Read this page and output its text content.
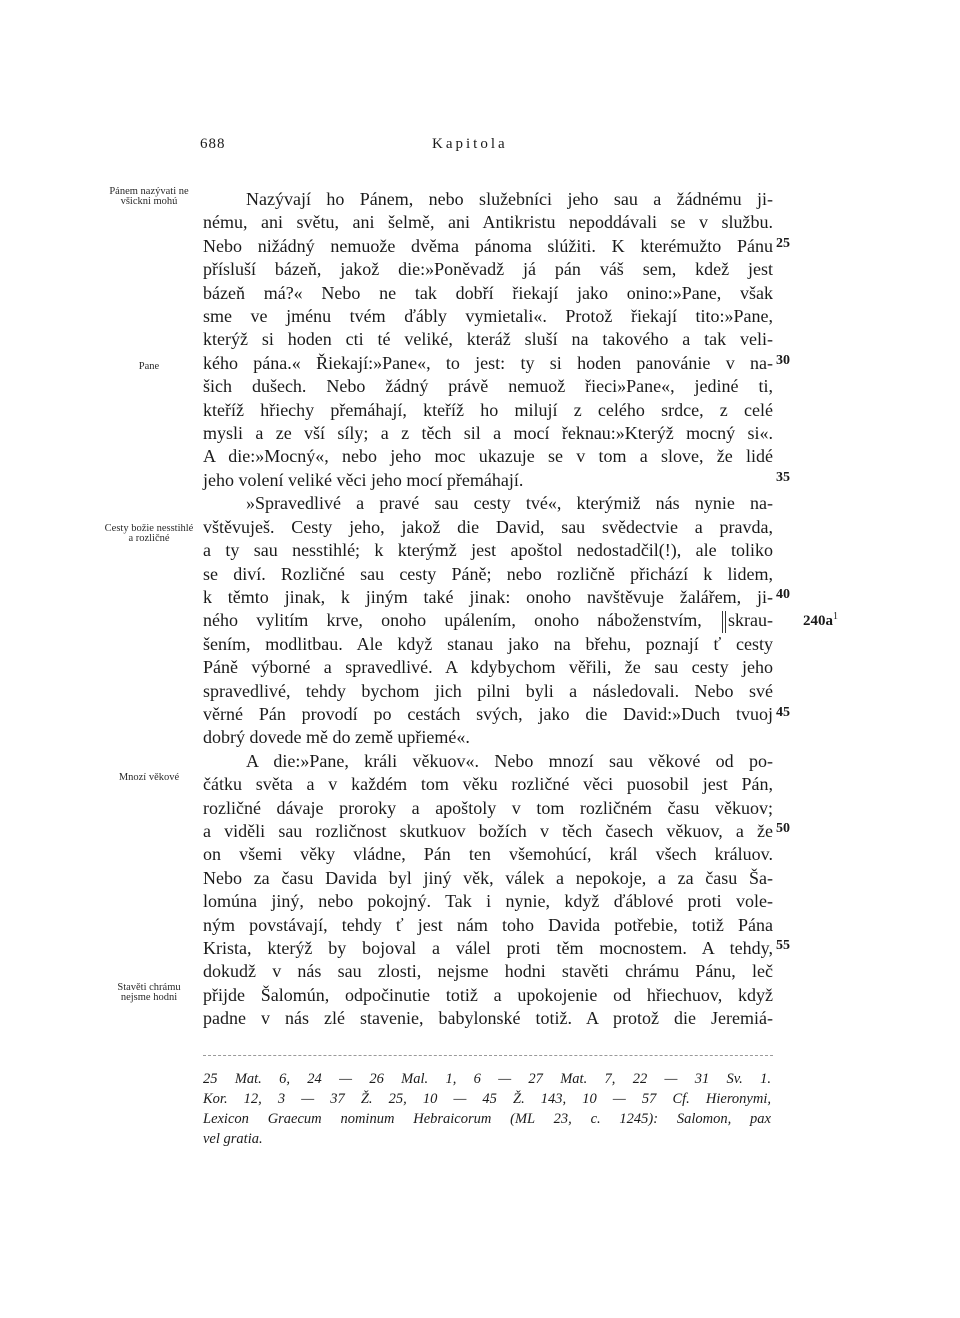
688	Kapitola
Pánem nazývati ne všickni mohú
Pane
Cesty božie nesstihlé a rozličné
Mnozí věkové
Stavěti chrámu nejsme hodni
Nazývají ho Pánem, nebo služebníci jeho sau a žádnému ji-
nému, ani světu, ani šelmě, ani Antikristu nepoddávali se v službu.
Nebo nižádný nemuože dvěma pánoma slúžiti. K kterémužto Pánu
přísluší bázeň, jakož die:»Poněvadž já pán váš sem, kdež jest
bázeň má?« Nebo ne tak dobří řiekají jako onino:»Pane, však
sme ve jménu tvém ďábly vymietali«. Protož řiekají tito:»Pane,
kterýž si hoden cti té veliké, kteráž sluší na takového a tak veli-
kého pána.« Řiekají:»Pane«, to jest: ty si hoden panovánie v na-
šich dušech. Nebo žádný právě nemuož řieci»Pane«, jediné ti,
kteříž hřiechy přemáhají, kteříž ho milují z celého srdce, z celé
mysli a ze vší síly; a z těch sil a mocí řeknau:»Kterýž mocný si«.
A die:»Mocný«, nebo jeho moc ukazuje se v tom a slove, že lidé
jeho volení veliké věci jeho mocí přemáhají.
»Spravedlivé a pravé sau cesty tvé«, kterýmiž nás nynie na-
vštěvuješ. Cesty jeho, jakož die David, sau svědectvie a pravda,
a ty sau nesstihlé; k kterýmž jest apoštol nedostadčil(!), ale toliko
se diví. Rozličné sau cesty Páně; nebo rozličně přichází k lidem,
k těmto jinak, k jiným také jinak: onoho navštěvuje žalářem, ji-
ného vylitím krve, onoho upálením, onoho náboženstvím, skrau-
šením, modlitbau. Ale když stanau jako na břehu, poznají ť cesty
Páně výborné a spravedlivé. A kdybychom věřili, že sau cesty jeho
spravedlivé, tehdy bychom jich pilni byli a následovali. Nebo své
věrné Pán provodí po cestách svých, jako die David:»Duch tvuoj
dobrý dovede mě do země upřiemé«.
A die:»Pane, králi věkuov«. Nebo mnozí sau věkové od po-
čátku světa a v každém tom věku rozličné věci puosobil jest Pán,
rozličné dávaje proroky a apoštoly v tom rozličném času věkuov;
a viděli sau rozličnost skutkuov božích v těch časech věkuov, a že
on všemi věky vládne, Pán ten všemohúcí, král všech králuov.
Nebo za času Davida byl jiný věk, válek a nepokoje, a za času Ša-
lomúna jiný, nebo pokojný. Tak i nynie, když ďáblové proti vole-
ným povstávají, tehdy ť jest nám toho Davida potřebie, totiž Pána
Krista, kterýž by bojoval a válel proti těm mocnostem. A tehdy,
dokudž v nás sau zlosti, nejsme hodni stavěti chrámu Pánu, leč
přijde Šalomún, odpočinutie totiž a upokojenie od hřiechuov, když
padne v nás zlé stavenie, babylonské totiž. A protož die Jeremiá-
25
30
35
40
45
50
55
$240a^1$
25 Mat. 6, 24 — 26 Mal. 1, 6 — 27 Mat. 7, 22 — 31 Sv. 1.
Kor. 12, 3 — 37 Ž. 25, 10 — 45 Ž. 143, 10 — 57 Cf. Hieronymi,
Lexicon Graecum nominum Hebraicorum (ML 23, c. 1245): Salomon, pax
vel gratia.
